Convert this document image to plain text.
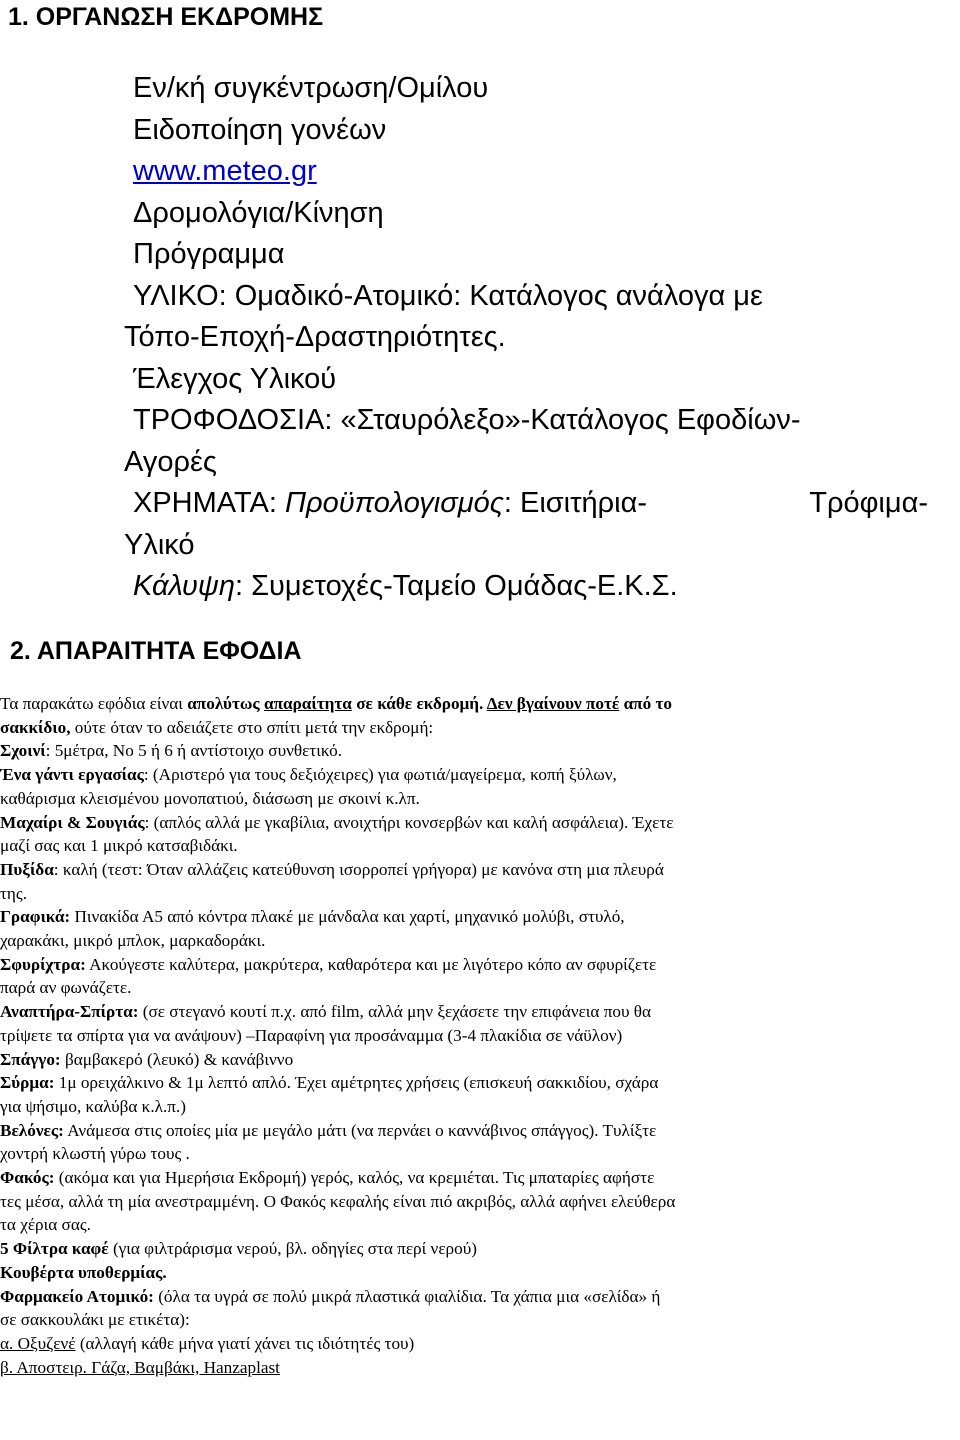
1. ΟΡΓΑΝΩΣΗ ΕΚΔΡΟΜΗΣ
Εν/κή συγκέντρωση/Ομίλου
Ειδοποίηση γονέων
www.meteo.gr
Δρομολόγια/Κίνηση
Πρόγραμμα
ΥΛΙΚΟ: Ομαδικό-Ατομικό: Κατάλογος ανάλογα με
Τόπο-Εποχή-Δραστηριότητες.
Έλεγχος Υλικού
ΤΡΟΦΟΔΟΣΙΑ: «Σταυρόλεξο»-Κατάλογος Εφοδίων-
Αγορές
ΧΡΗΜΑΤΑ: Προϋπολογισμός: Εισιτήρια-	Τρόφιμα-
Υλικό
Κάλυψη: Συμετοχές-Ταμείο Ομάδας-Ε.Κ.Σ.
2. ΑΠΑΡΑΙΤΗΤΑ ΕΦΟΔΙΑ

Τα παρακάτω εφόδια είναι απολύτως απαραίτητα σε κάθε εκδρομή. Δεν βγαίνουν ποτέ από το

σακκίδιο, ούτε όταν το αδειάζετε στο σπίτι μετά την εκδρομή:

Σχοινί: 5μέτρα, Νο 5 ή 6 ή αντίστοιχο συνθετικό.

Ένα γάντι εργασίας: (Αριστερό για τους δεξιόχειρες) για φωτιά/μαγείρεμα, κοπή ξύλων,

καθάρισμα κλεισμένου μονοπατιού, διάσωση με σκοινί κ.λπ.

Μαχαίρι & Σουγιάς: (απλός αλλά με γκαβίλια, ανοιχτήρι κονσερβών και καλή ασφάλεια). Έχετε

μαζί σας και 1 μικρό κατσαβιδάκι.

Πυξίδα: καλή (τεστ: Όταν αλλάζεις κατεύθυνση ισορροπεί γρήγορα) με κανόνα στη μια πλευρά

της.

Γραφικά: Πινακίδα Α5 από κόντρα πλακέ με μάνδαλα και χαρτί, μηχανικό μολύβι, στυλό,

χαρακάκι, μικρό μπλοκ, μαρκαδοράκι.

Σφυρίχτρα: Ακούγεστε καλύτερα, μακρύτερα, καθαρότερα και με λιγότερο κόπο αν σφυρίζετε

παρά αν φωνάζετε.

Αναπτήρα-Σπίρτα: (σε στεγανό κουτί π.χ. από film, αλλά μην ξεχάσετε την επιφάνεια που θα

τρίψετε τα σπίρτα για να ανάψουν) –Παραφίνη για προσάναμμα (3-4 πλακίδια σε νάϋλον)

Σπάγγο: βαμβακερό (λευκό) & κανάβιννο

Σύρμα: 1μ ορειχάλκινο & 1μ λεπτό απλό. Έχει αμέτρητες χρήσεις (επισκευή σακκιδίου, σχάρα

για ψήσιμο, καλύβα κ.λ.π.)

Βελόνες: Ανάμεσα στις οποίες μία με μεγάλο μάτι (να περνάει ο καννάβινος σπάγγος). Τυλίξτε

χοντρή κλωστή γύρω τους .

Φακός: (ακόμα και για Ημερήσια Εκδρομή) γερός, καλός, να κρεμιέται. Τις μπαταρίες αφήστε

τες μέσα, αλλά τη μία ανεστραμμένη. Ο Φακός κεφαλής είναι πιό ακριβός, αλλά αφήνει ελεύθερα

τα χέρια σας.

5 Φίλτρα καφέ (για φιλτράρισμα νερού, βλ. οδηγίες στα περί νερού)

Κουβέρτα υποθερμίας.

Φαρμακείο Ατομικό: (όλα τα υγρά σε πολύ μικρά πλαστικά φιαλίδια. Τα χάπια μια «σελίδα» ή

σε σακκουλάκι με ετικέτα):

α. Οξυζενέ (αλλαγή κάθε μήνα γιατί χάνει τις ιδιότητές του)

β. Αποστειρ. Γάζα, Βαμβάκι, Hanzaplast
